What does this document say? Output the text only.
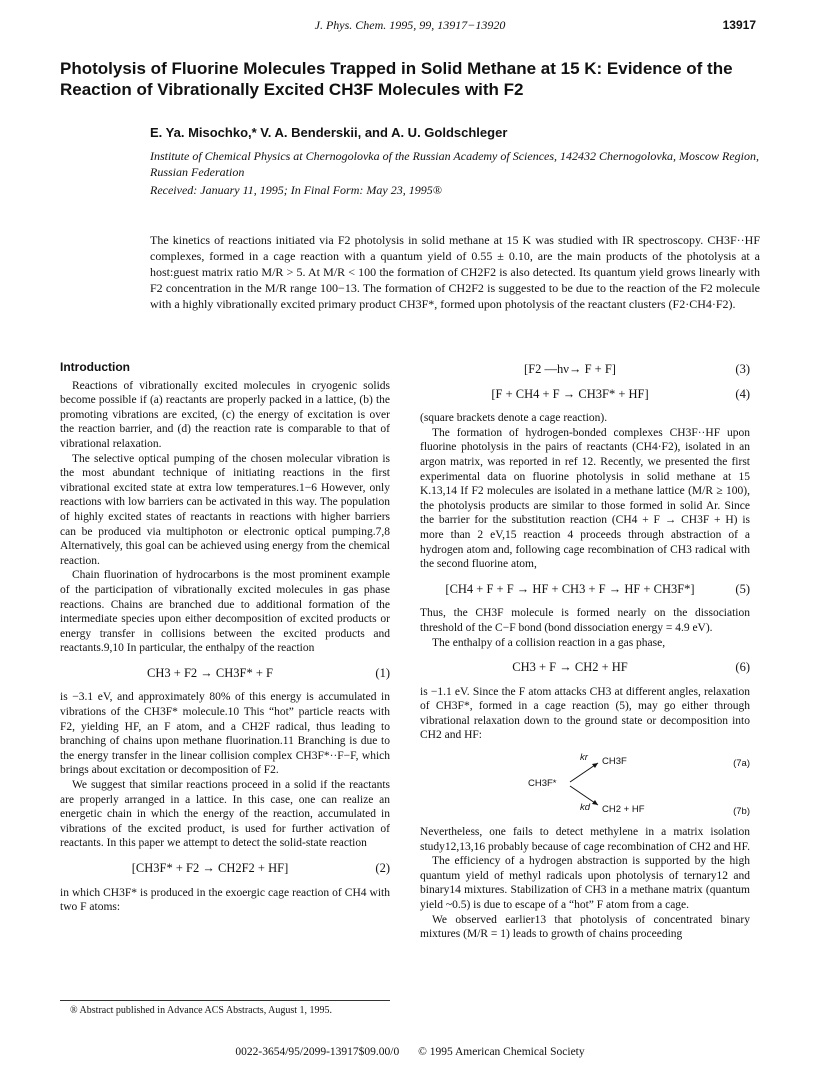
J. Phys. Chem. 1995, 99, 13917−13920	13917
Photolysis of Fluorine Molecules Trapped in Solid Methane at 15 K: Evidence of the Reaction of Vibrationally Excited CH3F Molecules with F2
E. Ya. Misochko,* V. A. Benderskii, and A. U. Goldschleger
Institute of Chemical Physics at Chernogolovka of the Russian Academy of Sciences, 142432 Chernogolovka, Moscow Region, Russian Federation
Received: January 11, 1995; In Final Form: May 23, 1995®
The kinetics of reactions initiated via F2 photolysis in solid methane at 15 K was studied with IR spectroscopy. CH3F··HF complexes, formed in a cage reaction with a quantum yield of 0.55 ± 0.10, are the main products of the photolysis at a host:guest matrix ratio M/R > 5. At M/R < 100 the formation of CH2F2 is also detected. Its quantum yield grows linearly with F2 concentration in the M/R range 100−13. The formation of CH2F2 is suggested to be due to the reaction of the F2 molecule with a highly vibrationally excited primary product CH3F*, formed upon photolysis of the reactant clusters (F2·CH4·F2).
Introduction

Reactions of vibrationally excited molecules in cryogenic solids become possible if (a) reactants are properly packed in a lattice, (b) the promoting vibrations are excited, (c) the energy of excitation is over the reaction barrier, and (d) the reaction rate is comparable to that of vibrational relaxation.

The selective optical pumping of the chosen molecular vibration is the most abundant technique of initiating reactions in the first vibrational excited state at extra low temperatures.1−6 However, only reactions with low barriers can be activated in this way. The population of highly excited states of reactants in reactions with higher barriers can be produced via multiphoton or electronic optical pumping.7,8 Alternatively, this goal can be achieved using energy from the chemical reaction.

Chain fluorination of hydrocarbons is the most prominent example of the participation of vibrationally excited molecules in gas phase reactions. Chains are branched due to additional formation of the intermediate species upon either decomposition of excited products or energy transfer in collisions between the excited products and reactants.9,10 In particular, the enthalpy of the reaction

CH3 + F2 → CH3F* + F	(1)

is −3.1 eV, and approximately 80% of this energy is accumulated in vibrations of the CH3F* molecule.10 This “hot” particle reacts with F2, yielding HF, an F atom, and a CH2F radical, thus leading to branching of chains upon methane fluorination.11 Branching is due to the energy transfer in the linear collision complex CH3F*··F−F, which brings about excitation or decomposition of F2.

We suggest that similar reactions proceed in a solid if the reactants are properly arranged in a lattice. In this case, one can realize an energetic chain in which the energy of the reaction, accumulated in vibrations of the excited product, is used for further activation of reactants. In this paper we attempt to detect the solid-state reaction

[CH3F* + F2 → CH2F2 + HF]	(2)

in which CH3F* is produced in the exoergic cage reaction of CH4 with two F atoms:

[F2 —hν→ F + F]	(3)
[F + CH4 + F → CH3F* + HF]	(4)

(square brackets denote a cage reaction).

The formation of hydrogen-bonded complexes CH3F··HF upon fluorine photolysis in the pairs of reactants (CH4·F2), isolated in an argon matrix, was reported in ref 12. Recently, we presented the first experimental data on fluorine photolysis in solid methane at 15 K.13,14 If F2 molecules are isolated in a methane lattice (M/R ≥ 100), the photolysis products are similar to those formed in solid Ar. Since the barrier for the substitution reaction (CH4 + F → CH3F + H) is more than 2 eV,15 reaction 4 proceeds through abstraction of a hydrogen atom and, following cage recombination of CH3 radical with the second fluorine atom,

[CH4 + F + F → HF + CH3 + F → HF + CH3F*]	(5)

Thus, the CH3F molecule is formed nearly on the dissociation threshold of the C−F bond (bond dissociation energy = 4.9 eV).

The enthalpy of a collision reaction in a gas phase,

CH3 + F → CH2 + HF	(6)

is −1.1 eV. Since the F atom attacks CH3 at different angles, relaxation of CH3F*, formed in a cage reaction (5), may go either through vibrational relaxation down to the ground state or decomposition into CH2 and HF:

CH3F*
kr
kd
CH3F
CH2 + HF
(7a)
(7b)

Nevertheless, one fails to detect methylene in a matrix isolation study12,13,16 probably because of cage recombination of CH2 and HF.

The efficiency of a hydrogen abstraction is supported by the high quantum yield of methyl radicals upon photolysis of ternary12 and binary14 mixtures. Stabilization of CH3 in a methane matrix (quantum yield ~0.5) is due to escape of a “hot” F atom from a cage.

We observed earlier13 that photolysis of concentrated binary mixtures (M/R = 1) leads to growth of chains proceeding

® Abstract published in Advance ACS Abstracts, August 1, 1995.
0022-3654/95/2099-13917$09.00/0 © 1995 American Chemical Society
